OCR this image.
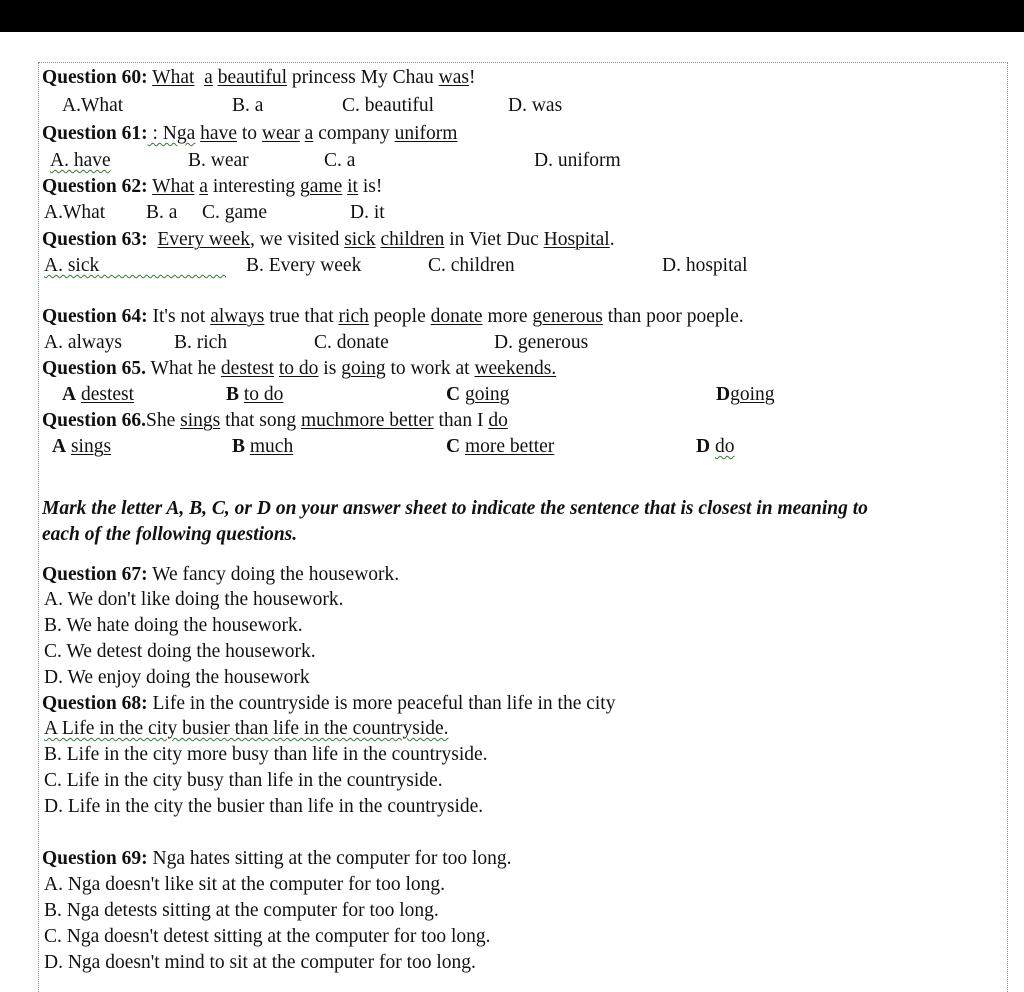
Question 60: What a beautiful princess My Chau was!
A.What	B. a	C. beautiful	D. was
Question 61: : Nga have to wear a company uniform
A. have	B. wear	C. a	D. uniform
Question 62: What a interesting game it is!
A.What B. a C. game	D. it
Question 63: Every week, we visited sick children in Viet Duc Hospital.
A. sick	B. Every week	C. children	D. hospital
Question 64: It's not always true that rich people donate more generous than poor poeple.
A. always	B. rich	C. donate	D. generous
Question 65. What he destest to do is going to work at weekends.
A destest	B to do	C going	Dgoing
Question 66.She sings that song muchmore better than I do
A sings	B much	C more better	D do
Mark the letter A, B, C, or D on your answer sheet to indicate the sentence that is closest in meaning to
each of the following questions.
Question 67: We fancy doing the housework.
A. We don't like doing the housework.
B. We hate doing the housework.
C. We detest doing the housework.
D. We enjoy doing the housework
Question 68: Life in the countryside is more peaceful than life in the city
A Life in the city busier than life in the countryside.
B. Life in the city more busy than life in the countryside.
C. Life in the city busy than life in the countryside.
D. Life in the city the busier than life in the countryside.
Question 69: Nga hates sitting at the computer for too long.
A. Nga doesn't like sit at the computer for too long.
B. Nga detests sitting at the computer for too long.
C. Nga doesn't detest sitting at the computer for too long.
D. Nga doesn't mind to sit at the computer for too long.
